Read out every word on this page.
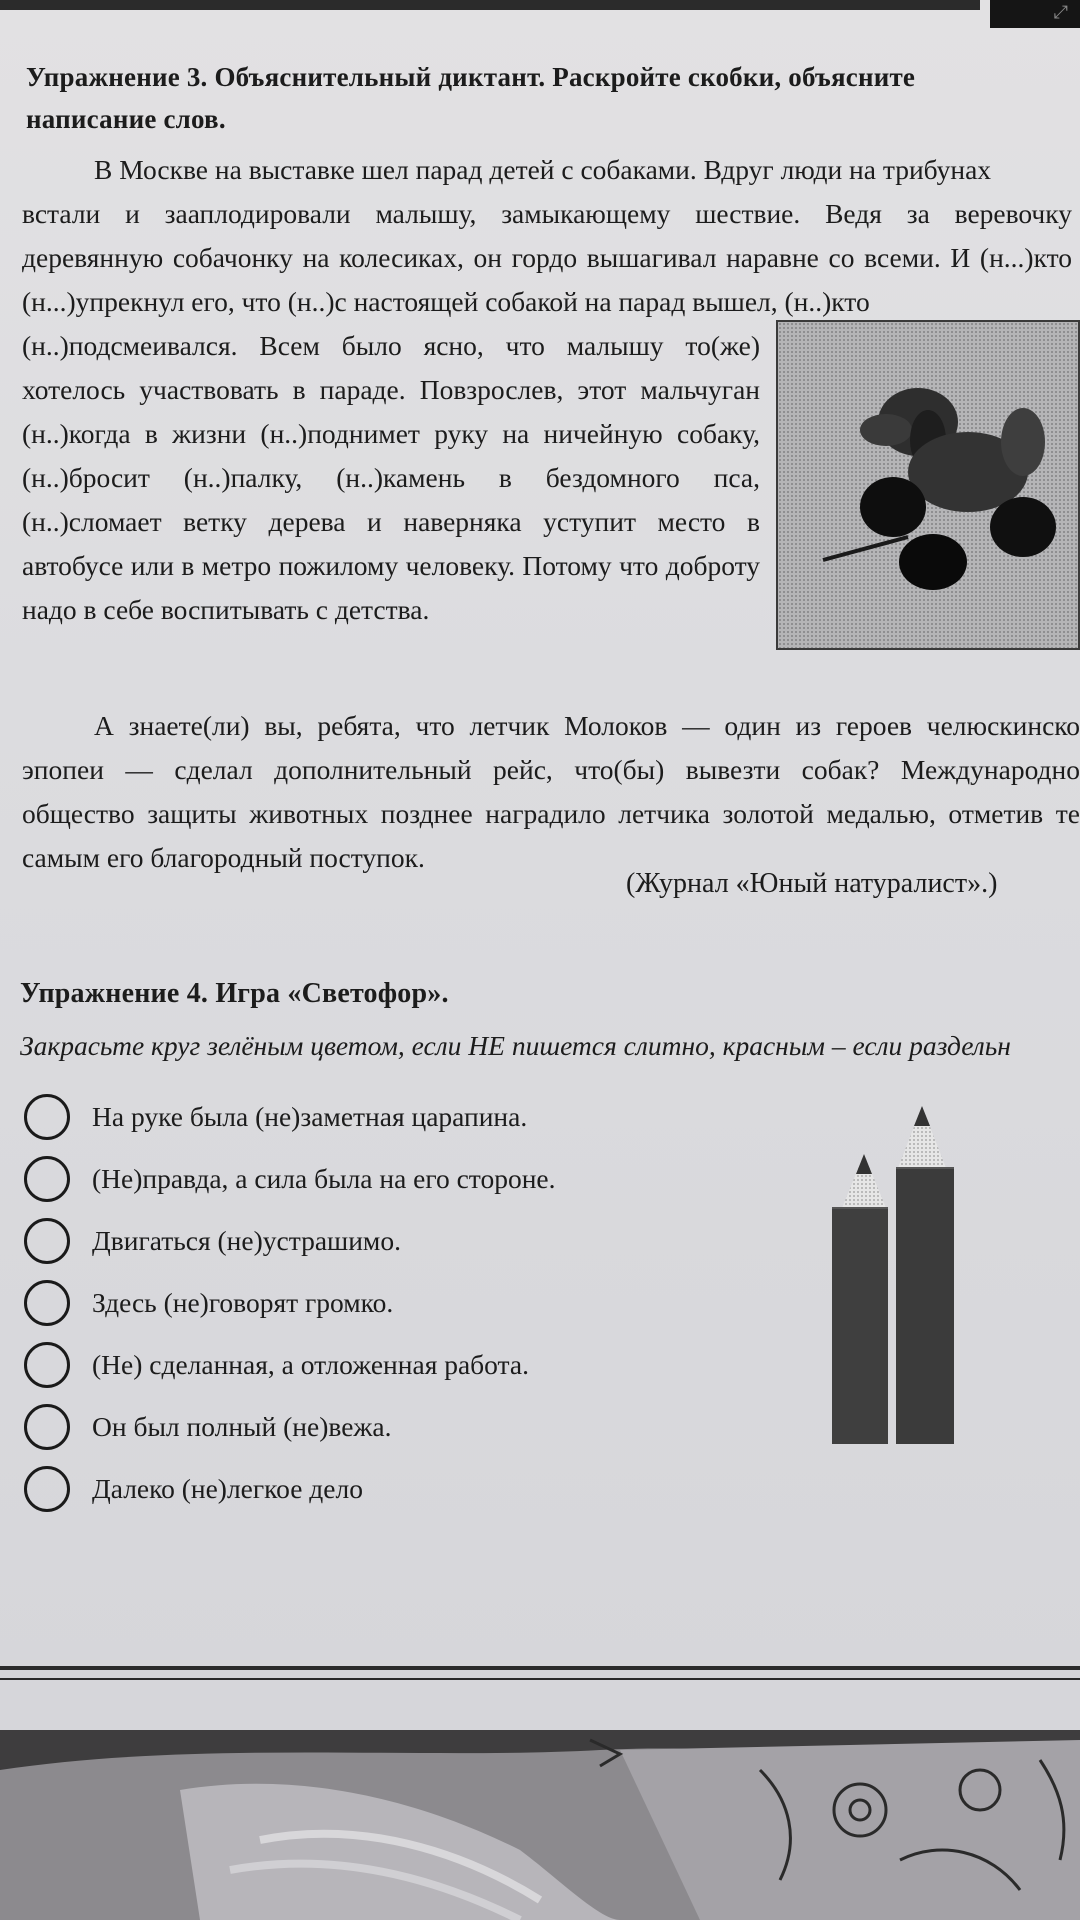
⤢
Упражнение 3. Объяснительный диктант. Раскройте скобки, объясните
написание слов.

В Москве на выставке шел парад детей с собаками. Вдруг люди на трибунах

встали и зааплодировали малышу, замыкающему шествие. Ведя за веревочку деревянную собачонку на колесиках, он гордо вышагивал наравне со всеми. И (н...)кто (н...)упрекнул его, что (н..)с настоящей собакой на парад вышел, (н..)кто

(н..)подсмеивался. Всем было ясно, что малышу то(же) хотелось участвовать в параде. Повзрослев, этот мальчуган (н..)когда в жизни (н..)поднимет руку на ничейную собаку, (н..)бросит (н..)палку, (н..)камень в бездомного пса, (н..)сломает ветку дерева и наверняка уступит место в автобусе или в метро пожилому человеку. Потому что доброту надо в себе воспитывать с детства.

А знаете(ли) вы, ребята, что летчик Молоков — один из героев челюскинско эпопеи — сделал дополнительный рейс, что(бы) вывезти собак? Международно общество защиты животных позднее наградило летчика золотой медалью, отметив те самым его благородный поступок.

(Журнал «Юный натуралист».)
Упражнение 4. Игра «Светофор».
Закрасьте круг зелёным цветом, если НЕ пишется слитно, красным – если раздельн
На руке была (не)заметная царапина.
(Не)правда, а сила была на его стороне.
Двигаться (не)устрашимо.
Здесь (не)говорят громко.
(Не) сделанная, а отложенная работа.
Он был полный (не)вежа.
Далеко (не)легкое дело
